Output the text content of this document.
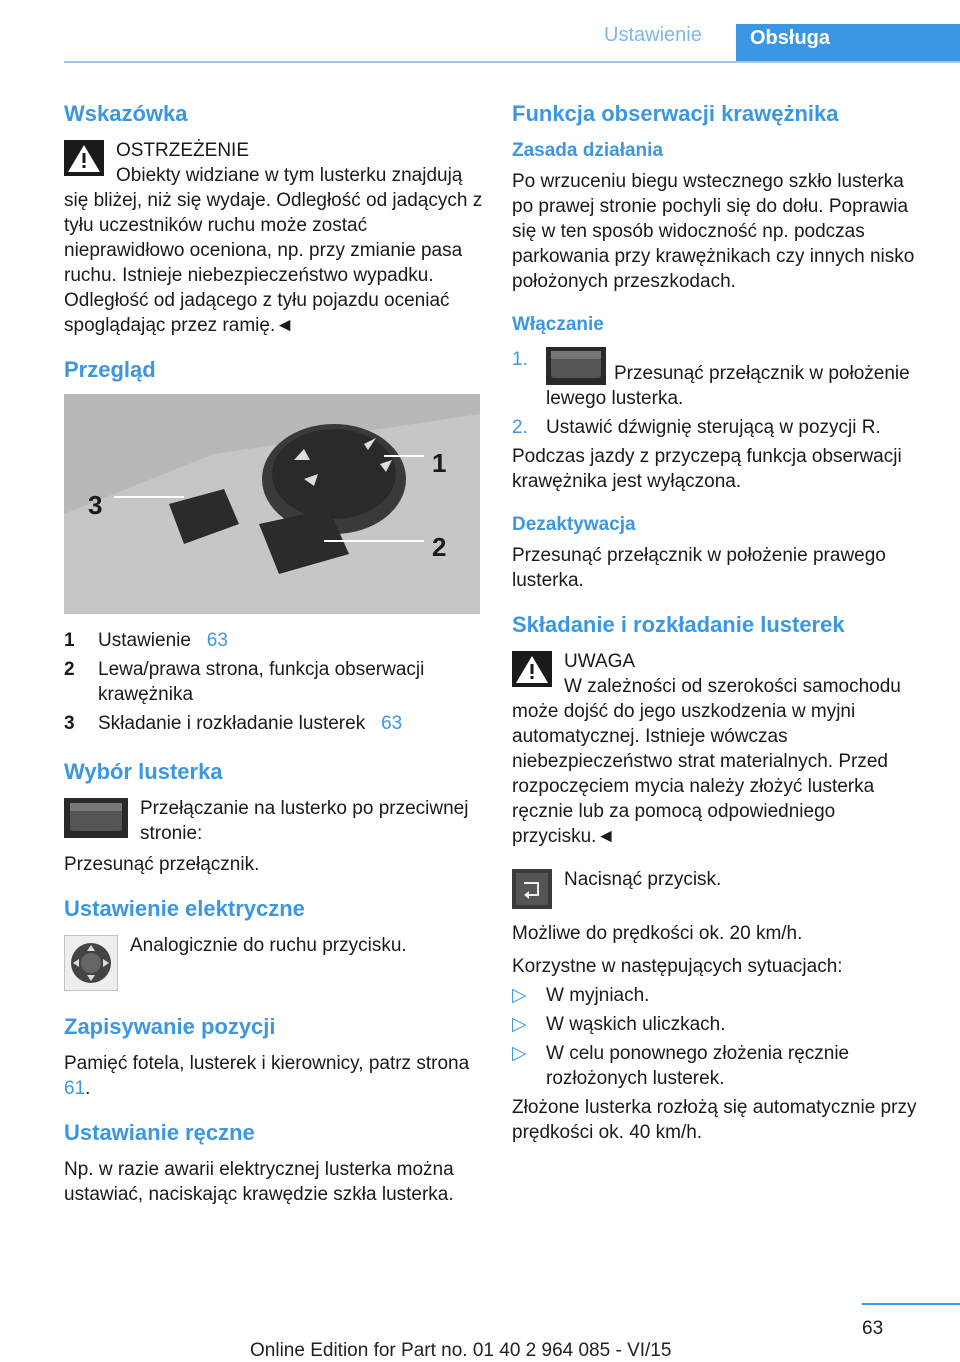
Ustawienie	Obsługa
Wskazówka

OSTRZEŻENIE

Obiekty widziane w tym lusterku znajdują się bliżej, niż się wydaje. Odległość od jadących z tyłu uczestników ruchu może zostać nieprawidłowo oceniona, np. przy zmianie pasa ruchu. Istnieje niebezpieczeństwo wypadku. Odległość od jadącego z tyłu pojazdu oceniać spoglądając przez ramię.◄

Przegląd
1
2
3
1	Ustawienie 63
2	Lewa/prawa strona, funkcja obserwacji krawężnika
3	Składanie i rozkładanie lusterek 63
Wybór lusterka

Przełączanie na lusterko po przeciwnej stronie:

Przesunąć przełącznik.

Ustawienie elektryczne

Analogicznie do ruchu przycisku.

Zapisywanie pozycji

Pamięć fotela, lusterek i kierownicy, patrz strona 61.

Ustawianie ręczne

Np. w razie awarii elektrycznej lusterka można ustawiać, naciskając krawędzie szkła lusterka.

Funkcja obserwacji krawężnika
Zasada działania

Po wrzuceniu biegu wstecznego szkło lusterka po prawej stronie pochyli się do dołu. Poprawia się w ten sposób widoczność np. podczas parkowania przy krawężnikach czy innych nisko położonych przeszkodach.

Włączanie
1.
Przesunąć przełącznik w położenie lewego lusterka.
2. Ustawić dźwignię sterującą w pozycji R.

Podczas jazdy z przyczepą funkcja obserwacji krawężnika jest wyłączona.

Dezaktywacja

Przesunąć przełącznik w położenie prawego lusterka.

Składanie i rozkładanie lusterek

UWAGA

W zależności od szerokości samochodu może dojść do jego uszkodzenia w myjni automatycznej. Istnieje wówczas niebezpieczeństwo strat materialnych. Przed rozpoczęciem mycia należy złożyć lusterka ręcznie lub za pomocą odpowiedniego przycisku.◄

Nacisnąć przycisk.

Możliwe do prędkości ok. 20 km/h.

Korzystne w następujących sytuacjach:

▷	W myjniach.
▷	W wąskich uliczkach.
▷	W celu ponownego złożenia ręcznie rozłożonych lusterek.

Złożone lusterka rozłożą się automatycznie przy prędkości ok. 40 km/h.

63
Online Edition for Part no. 01 40 2 964 085 - VI/15
